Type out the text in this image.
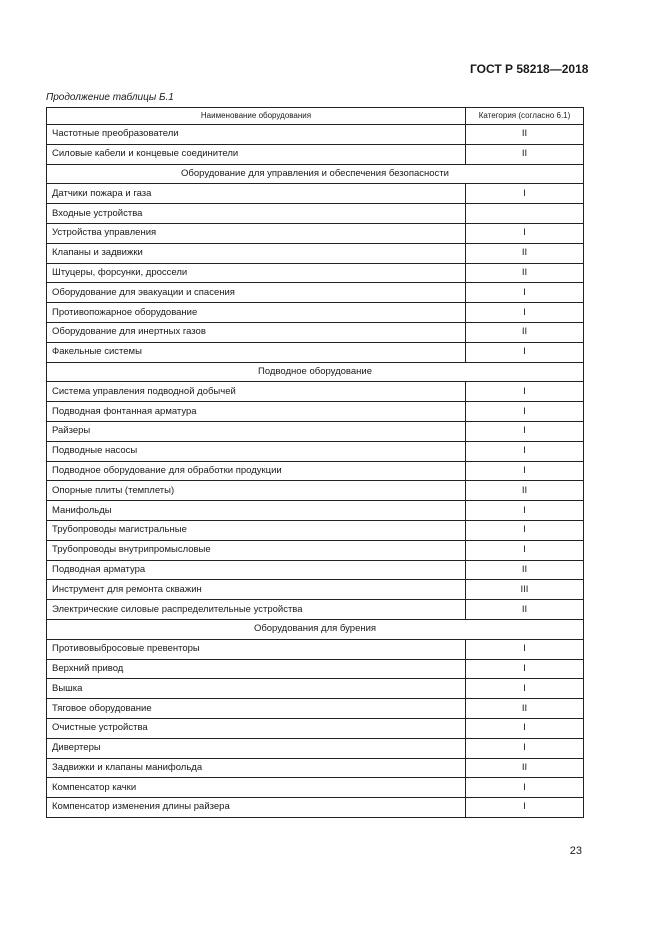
ГОСТ Р 58218—2018
Продолжение таблицы Б.1
Наименование оборудования	Категория (согласно 6.1)
Частотные преобразователи	II
Силовые кабели и концевые соединители	II
Оборудование для управления и обеспечения безопасности	
Датчики пожара и газа	I
Входные устройства	
Устройства управления	I
Клапаны и задвижки	II
Штуцеры, форсунки, дроссели	II
Оборудование для эвакуации и спасения	I
Противопожарное оборудование	I
Оборудование для инертных газов	II
Факельные системы	I
Подводное оборудование	
Система управления подводной добычей	I
Подводная фонтанная арматура	I
Райзеры	I
Подводные насосы	I
Подводное оборудование для обработки продукции	I
Опорные плиты (темплеты)	II
Манифольды	I
Трубопроводы магистральные	I
Трубопроводы внутрипромысловые	I
Подводная арматура	II
Инструмент для ремонта скважин	III
Электрические силовые распределительные устройства	II
Оборудования для бурения	
Противовыбросовые превенторы	I
Верхний привод	I
Вышка	I
Тяговое оборудование	II
Очистные устройства	I
Дивертеры	I
Задвижки и клапаны манифольда	II
Компенсатор качки	I
Компенсатор изменения длины райзера	I
23
